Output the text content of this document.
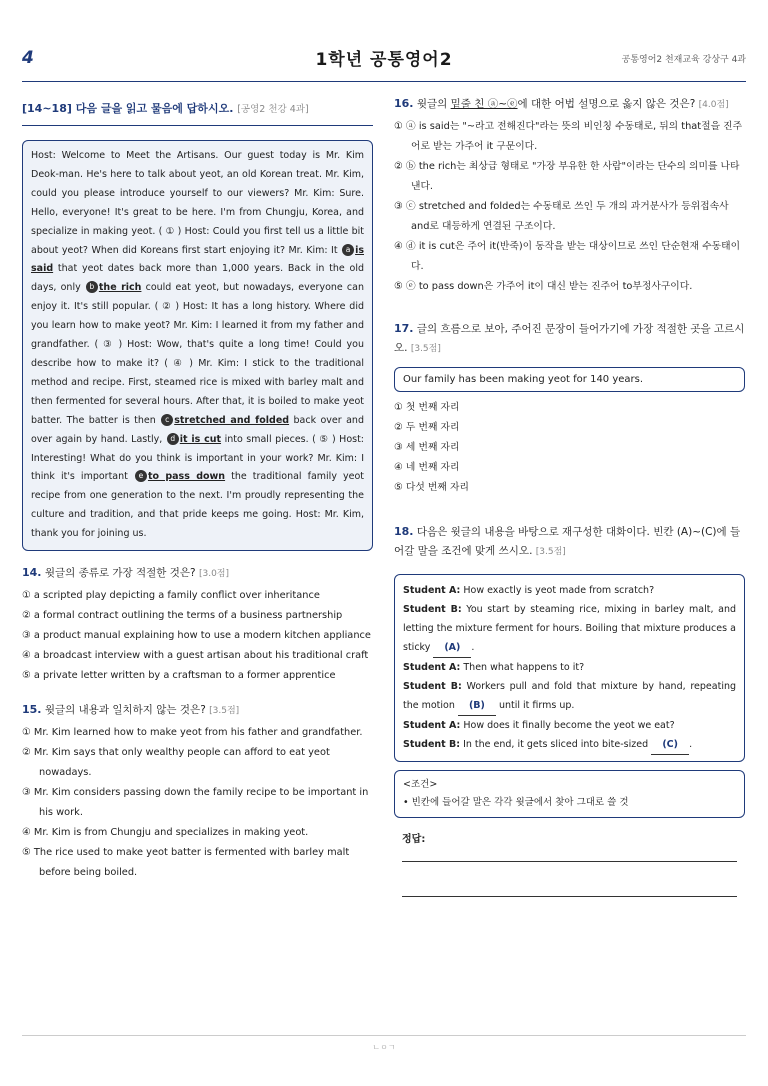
4	1학년 공통영어2	공통영어2 천재교육 강상구 4과
[14~18] 다음 글을 읽고 물음에 답하시오. [공영2 천강 4과]
Host: Welcome to Meet the Artisans. Our guest today is Mr. Kim Deok-man. He's here to talk about yeot, an old Korean treat. Mr. Kim, could you please introduce yourself to our viewers? Mr. Kim: Sure. Hello, everyone! It's great to be here. I'm from Chungju, Korea, and specialize in making yeot. ( ① ) Host: Could you first tell us a little bit about yeot? When did Koreans first start enjoying it? Mr. Kim: It a is said that yeot dates back more than 1,000 years. Back in the old days, only b the rich could eat yeot, but nowadays, everyone can enjoy it. It's still popular. ( ② ) Host: It has a long history. Where did you learn how to make yeot? Mr. Kim: I learned it from my father and grandfather. ( ③ ) Host: Wow, that's quite a long time! Could you describe how to make it? ( ④ ) Mr. Kim: I stick to the traditional method and recipe. First, steamed rice is mixed with barley malt and then fermented for several hours. After that, it is boiled to make yeot batter. The batter is then c stretched and folded back over and over again by hand. Lastly, d it is cut into small pieces. ( ⑤ ) Host: Interesting! What do you think is important in your work? Mr. Kim: I think it's important e to pass down the traditional family yeot recipe from one generation to the next. I'm proudly representing the culture and tradition, and that pride keeps me going. Host: Mr. Kim, thank you for joining us.
14. 윗글의 종류로 가장 적절한 것은? [3.0점]
① a scripted play depicting a family conflict over inheritance
② a formal contract outlining the terms of a business partnership
③ a product manual explaining how to use a modern kitchen appliance
④ a broadcast interview with a guest artisan about his traditional craft
⑤ a private letter written by a craftsman to a former apprentice
15. 윗글의 내용과 일치하지 않는 것은? [3.5점]
① Mr. Kim learned how to make yeot from his father and grandfather.
② Mr. Kim says that only wealthy people can afford to eat yeot nowadays.
③ Mr. Kim considers passing down the family recipe to be important in his work.
④ Mr. Kim is from Chungju and specializes in making yeot.
⑤ The rice used to make yeot batter is fermented with barley malt before being boiled.
16. 윗글의 밑줄 친 ⓐ~ⓔ에 대한 어법 설명으로 옳지 않은 것은? [4.0점]
① ⓐ is said는 "~라고 전해진다"라는 뜻의 비인칭 수동태로, 뒤의 that절을 진주어로 받는 가주어 it 구문이다.
② ⓑ the rich는 최상급 형태로 "가장 부유한 한 사람"이라는 단수의 의미를 나타낸다.
③ ⓒ stretched and folded는 수동태로 쓰인 두 개의 과거분사가 등위접속사 and로 대등하게 연결된 구조이다.
④ ⓓ it is cut은 주어 it(반죽)이 동작을 받는 대상이므로 쓰인 단순현재 수동태이다.
⑤ ⓔ to pass down은 가주어 it이 대신 받는 진주어 to부정사구이다.
17. 글의 흐름으로 보아, 주어진 문장이 들어가기에 가장 적절한 곳을 고르시오. [3.5점]
Our family has been making yeot for 140 years.
① 첫 번째 자리
② 두 번째 자리
③ 세 번째 자리
④ 네 번째 자리
⑤ 다섯 번째 자리
18. 다음은 윗글의 내용을 바탕으로 재구성한 대화이다. 빈칸 (A)~(C)에 들어갈 말을 조건에 맞게 쓰시오. [3.5점]
Student A: How exactly is yeot made from scratch?
Student B: You start by steaming rice, mixing in barley malt, and letting the mixture ferment for hours. Boiling that mixture produces a sticky (A) .
Student A: Then what happens to it?
Student B: Workers pull and fold that mixture by hand, repeating the motion (B) until it firms up.
Student A: How does it finally become the yeot we eat?
Student B: In the end, it gets sliced into bite-sized (C) .
<조건>
• 빈칸에 들어갈 말은 각각 윗글에서 찾아 그대로 쓸 것
정답:
ㄴㅇㄱ
